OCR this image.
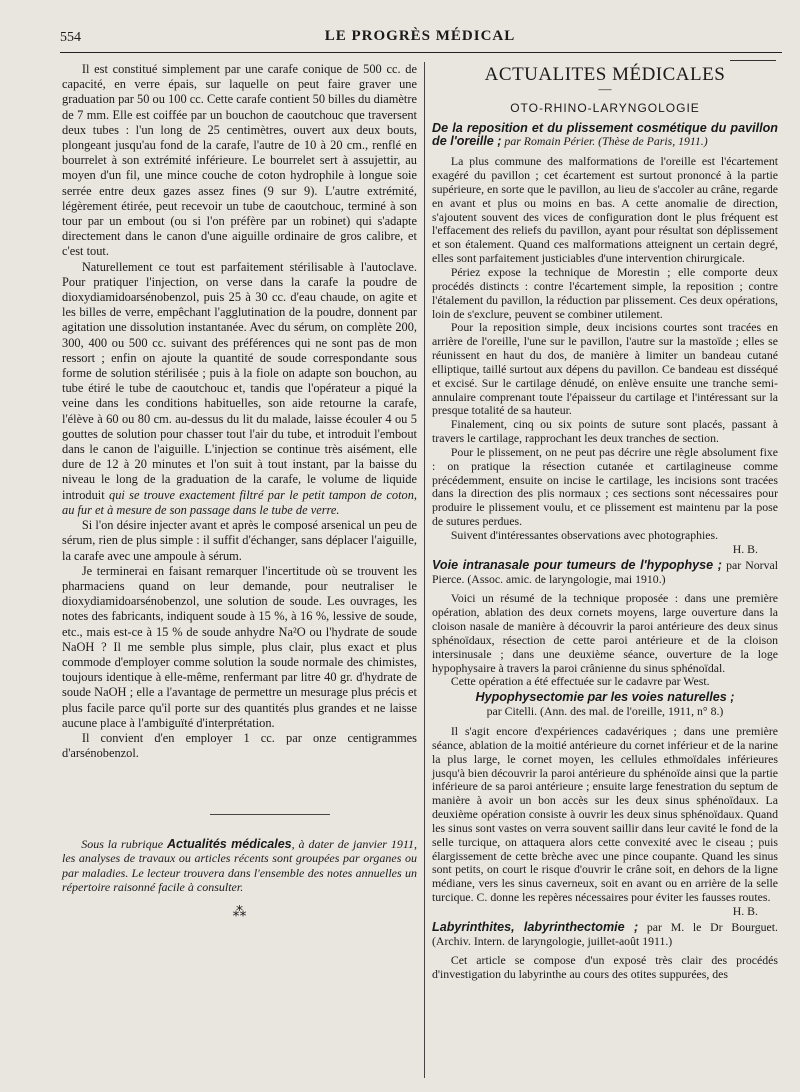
554	LE PROGRÈS MÉDICAL

Il est constitué simplement par une carafe conique de 500 cc. de capacité, en verre épais, sur laquelle on peut faire graver une graduation par 50 ou 100 cc. Cette carafe contient 50 billes du diamètre de 7 mm. Elle est coiffée par un bouchon de caoutchouc que traversent deux tubes : l'un long de 25 centimètres, ouvert aux deux bouts, plongeant jusqu'au fond de la carafe, l'autre de 10 à 20 cm., renflé en bourrelet à son extrémité inférieure. Le bourrelet sert à assujettir, au moyen d'un fil, une mince couche de coton hydrophile à longue soie serrée entre deux gazes assez fines (9 sur 9). L'autre extrémité, légèrement étirée, peut recevoir un tube de caoutchouc, terminé à son tour par un embout (ou si l'on préfère par un robinet) qui s'adapte directement dans le canon d'une aiguille ordinaire de gros calibre, et c'est tout.

Naturellement ce tout est parfaitement stérilisable à l'autoclave. Pour pratiquer l'injection, on verse dans la carafe la poudre de dioxydiamidoarsénobenzol, puis 25 à 30 cc. d'eau chaude, on agite et les billes de verre, empêchant l'agglutination de la poudre, donnent par agitation une dissolution instantanée. Avec du sérum, on complète 200, 300, 400 ou 500 cc. suivant des préférences qui ne sont pas de mon ressort ; enfin on ajoute la quantité de soude correspondante sous forme de solution stérilisée ; puis à la fiole on adapte son bouchon, au tube étiré le tube de caoutchouc et, tandis que l'opérateur a piqué la veine dans les conditions habituelles, son aide retourne la carafe, l'élève à 60 ou 80 cm. au-dessus du lit du malade, laisse écouler 4 ou 5 gouttes de solution pour chasser tout l'air du tube, et introduit l'embout dans le canon de l'aiguille. L'injection se continue très aisément, elle dure de 12 à 20 minutes et l'on suit à tout instant, par la baisse du niveau le long de la graduation de la carafe, le volume de liquide introduit qui se trouve exactement filtré par le petit tampon de coton, au fur et à mesure de son passage dans le tube de verre.

Si l'on désire injecter avant et après le composé arsenical un peu de sérum, rien de plus simple : il suffit d'échanger, sans déplacer l'aiguille, la carafe avec une ampoule à sérum.

Je terminerai en faisant remarquer l'incertitude où se trouvent les pharmaciens quand on leur demande, pour neutraliser le dioxydiamidoarsénobenzol, une solution de soude. Les ouvrages, les notes des fabricants, indiquent soude à 15 %, à 16 %, lessive de soude, etc., mais est-ce à 15 % de soude anhydre Na²O ou l'hydrate de soude NaOH ? Il me semble plus simple, plus clair, plus exact et plus commode d'employer comme solution la soude normale des chimistes, toujours identique à elle-même, renfermant par litre 40 gr. d'hydrate de soude NaOH ; elle a l'avantage de permettre un mesurage plus précis et plus facile parce qu'il porte sur des quantités plus grandes et ne laisse aucune place à l'ambiguïté d'interprétation.

Il convient d'en employer 1 cc. par onze centigrammes d'arsénobenzol.

Sous la rubrique Actualités médicales, à dater de janvier 1911, les analyses de travaux ou articles récents sont groupées par organes ou par maladies. Le lecteur trouvera dans l'ensemble des notes annuelles un répertoire raisonné facile à consulter.

⁂
ACTUALITES MÉDICALES
—
OTO-RHINO-LARYNGOLOGIE

De la reposition et du plissement cosmétique du pavillon de l'oreille ; par Romain Périer. (Thèse de Paris, 1911.)

La plus commune des malformations de l'oreille est l'écartement exagéré du pavillon ; cet écartement est surtout prononcé à la partie supérieure, en sorte que le pavillon, au lieu de s'accoler au crâne, regarde en avant et plus ou moins en bas. A cette anomalie de direction, s'ajoutent souvent des vices de configuration dont le plus fréquent est l'effacement des reliefs du pavillon, ayant pour résultat son déplissement et son étalement. Quand ces malformations atteignent un certain degré, elles sont parfaitement justiciables d'une intervention chirurgicale.

Périez expose la technique de Morestin ; elle comporte deux procédés distincts : contre l'écartement simple, la reposition ; contre l'étalement du pavillon, la réduction par plissement. Ces deux opérations, loin de s'exclure, peuvent se combiner utilement.

Pour la reposition simple, deux incisions courtes sont tracées en arrière de l'oreille, l'une sur le pavillon, l'autre sur la mastoïde ; elles se réunissent en haut du dos, de manière à limiter un bandeau cutané elliptique, taillé surtout aux dépens du pavillon. Ce bandeau est disséqué et excisé. Sur le cartilage dénudé, on enlève ensuite une tranche semi-annulaire comprenant toute l'épaisseur du cartilage et l'intéressant sur la presque totalité de sa hauteur.

Finalement, cinq ou six points de suture sont placés, passant à travers le cartilage, rapprochant les deux tranches de section.

Pour le plissement, on ne peut pas décrire une règle absolument fixe : on pratique la résection cutanée et cartilagineuse comme précédemment, ensuite on incise le cartilage, les incisions sont tracées dans la direction des plis normaux ; ces sections sont nécessaires pour produire le plissement voulu, et ce plissement est maintenu par la pose de sutures perdues.

Suivent d'intéressantes observations avec photographies.

H. B.

Voie intranasale pour tumeurs de l'hypophyse ; par Norval Pierce. (Assoc. amic. de laryngologie, mai 1910.)

Voici un résumé de la technique proposée : dans une première opération, ablation des deux cornets moyens, large ouverture dans la cloison nasale de manière à découvrir la paroi antérieure des deux sinus sphénoïdaux, résection de cette paroi antérieure et de la cloison intersinusale ; dans une deuxième séance, ouverture de la loge hypophysaire à travers la paroi crânienne du sinus sphénoïdal.

Cette opération a été effectuée sur le cadavre par West.

Hypophysectomie par les voies naturelles ;
par Citelli. (Ann. des mal. de l'oreille, 1911, n° 8.)

Il s'agit encore d'expériences cadavériques ; dans une première séance, ablation de la moitié antérieure du cornet inférieur et de la narine la plus large, le cornet moyen, les cellules ethmoïdales inférieures jusqu'à bien découvrir la paroi antérieure du sphénoïde ainsi que la partie inférieure de sa paroi antérieure ; ensuite large fenestration du septum de manière à avoir un bon accès sur les deux sinus sphénoïdaux. La deuxième opération consiste à ouvrir les deux sinus sphénoïdaux. Quand les sinus sont vastes on verra souvent saillir dans leur cavité le fond de la selle turcique, on attaquera alors cette convexité avec le ciseau ; puis élargissement de cette brèche avec une pince coupante. Quand les sinus sont petits, on court le risque d'ouvrir le crâne soit, en dehors de la ligne médiane, vers les sinus caverneux, soit en avant ou en arrière de la selle turcique. C. donne les repères nécessaires pour éviter les fausses routes.

H. B.

Labyrinthites, labyrinthectomie ; par M. le Dr Bourguet. (Archiv. Intern. de laryngologie, juillet-août 1911.)

Cet article se compose d'un exposé très clair des procédés d'investigation du labyrinthe au cours des otites suppurées, des
